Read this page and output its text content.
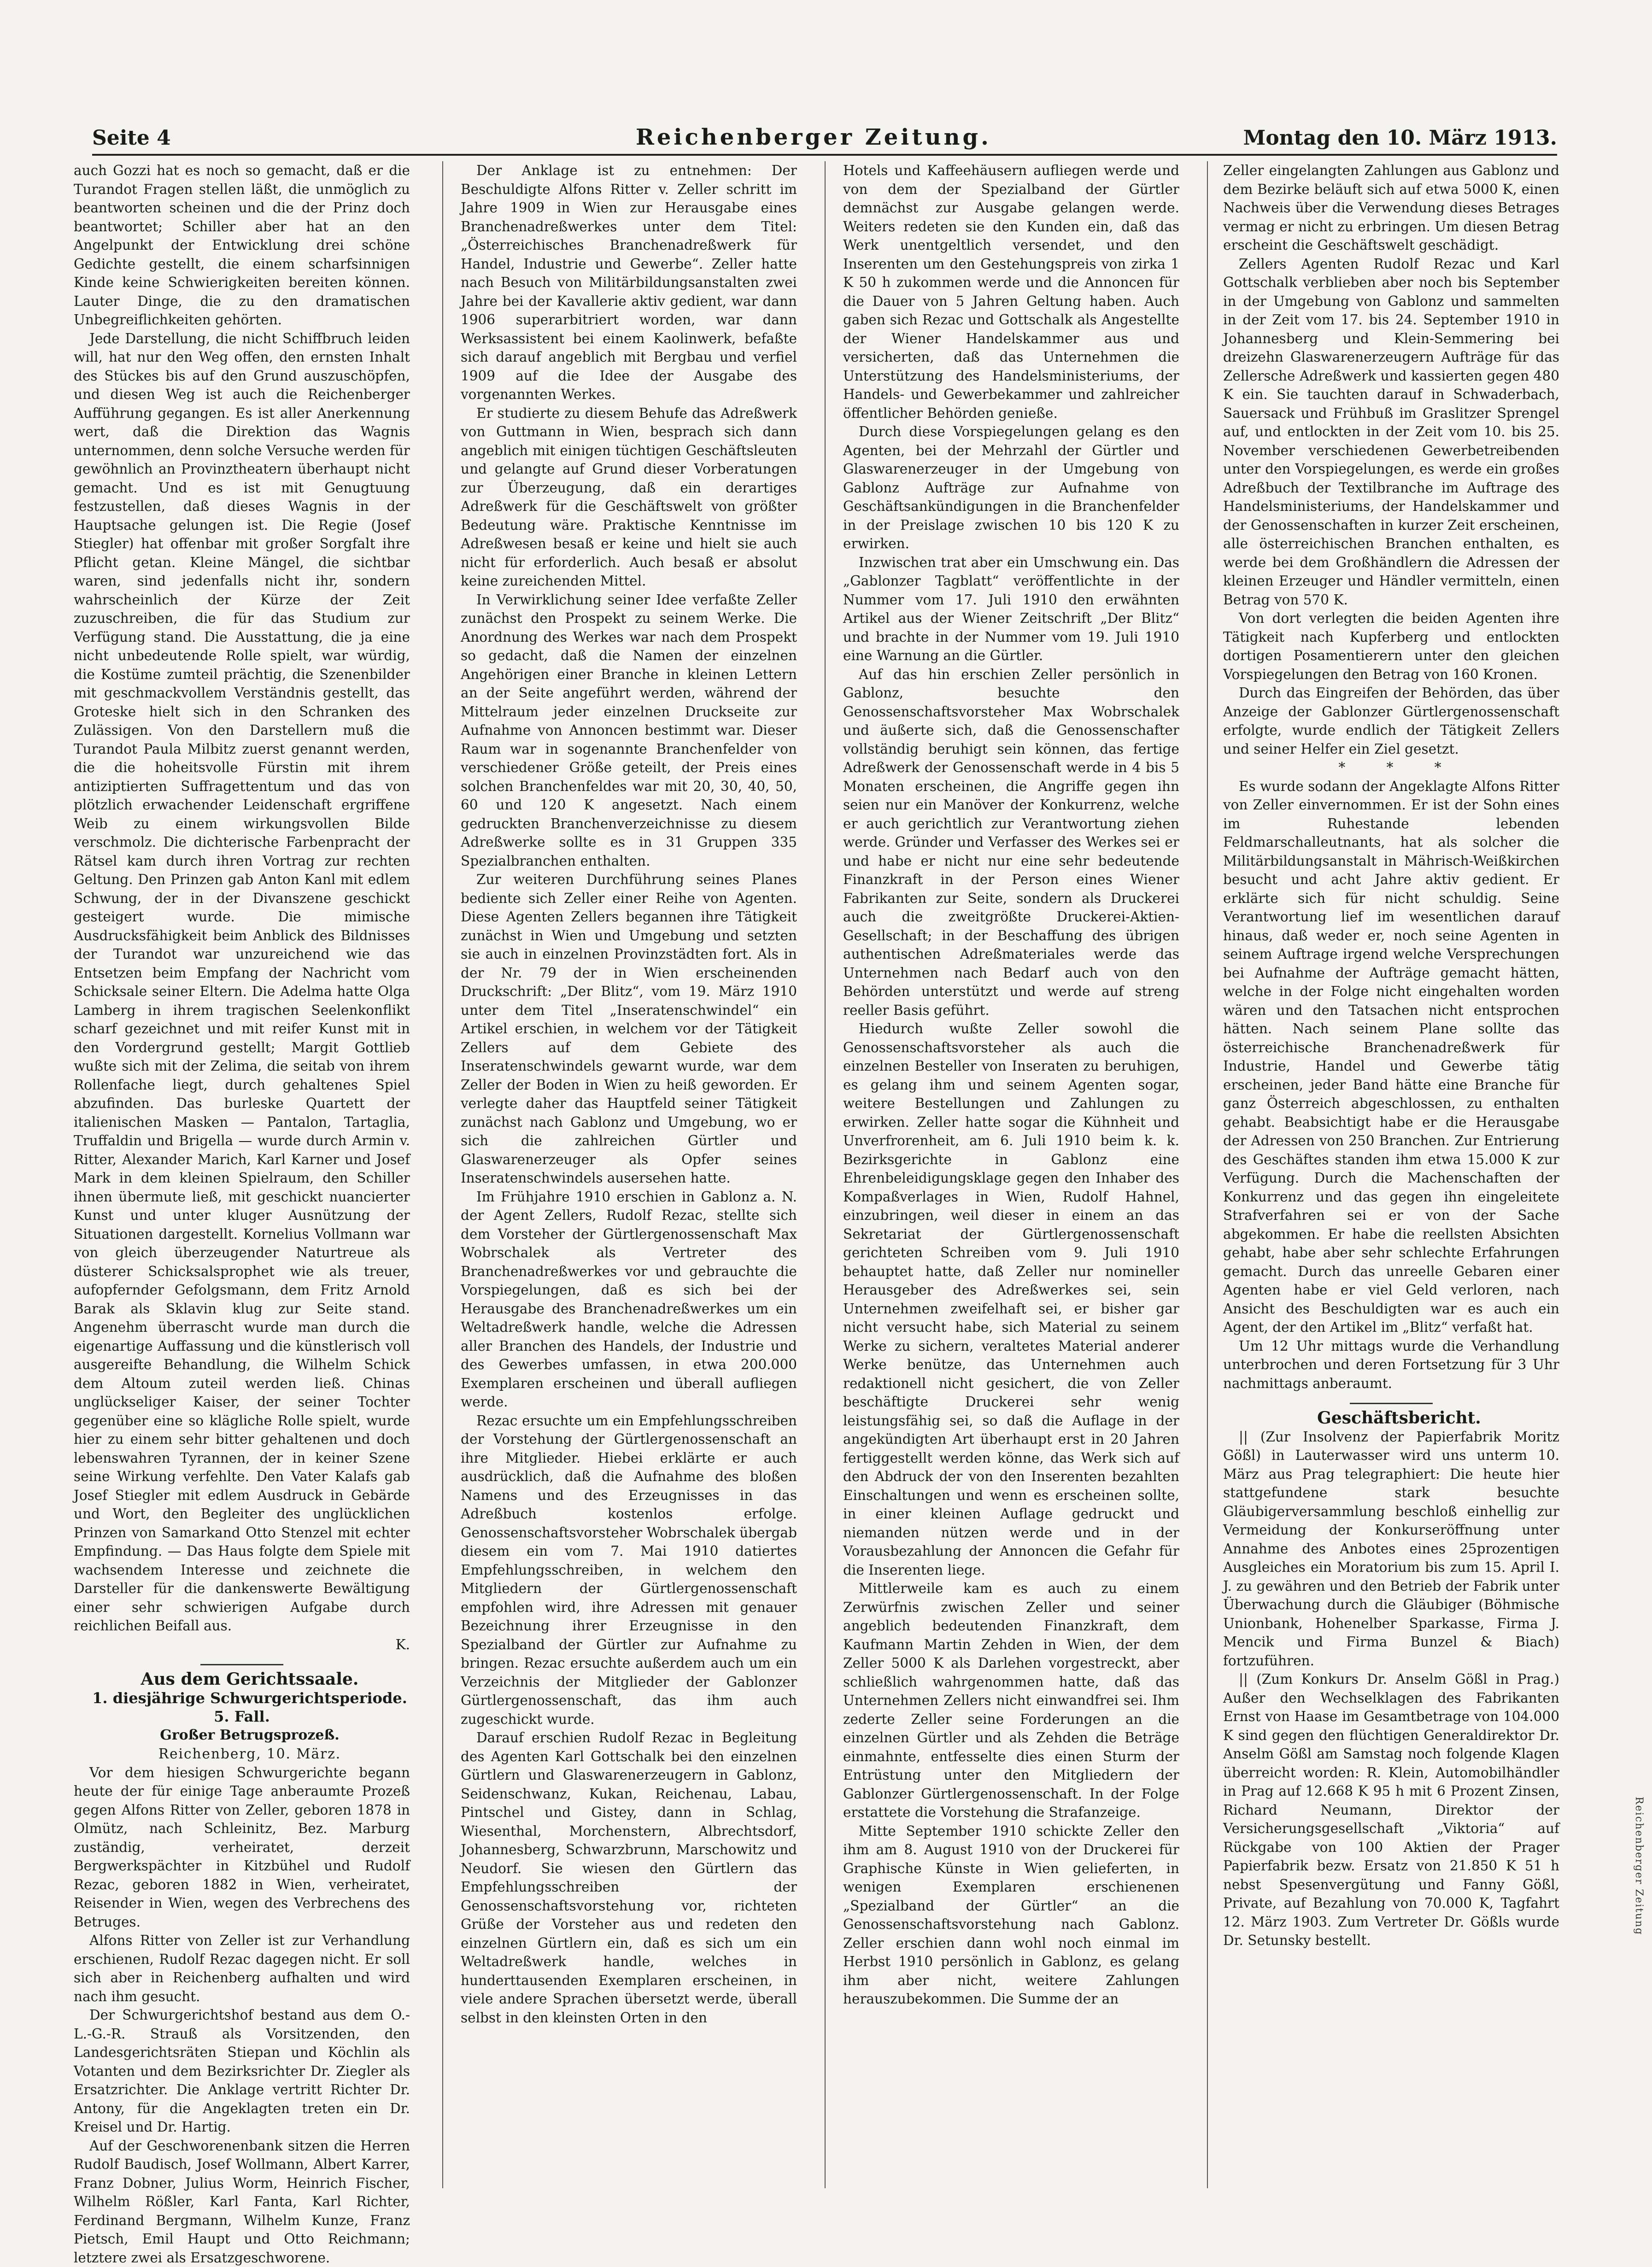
Seite 4	Reichenberger Zeitung.	Montag den 10. März 1913.

auch Gozzi hat es noch so gemacht, daß er die Turandot Fragen stellen läßt, die unmöglich zu beantworten scheinen und die der Prinz doch beantwortet; Schiller aber hat an den Angelpunkt der Entwicklung drei schöne Gedichte gestellt, die einem scharfsinnigen Kinde keine Schwierigkeiten bereiten können. Lauter Dinge, die zu den dramatischen Unbegreiflichkeiten gehörten.

Jede Darstellung, die nicht Schiffbruch leiden will, hat nur den Weg offen, den ernsten Inhalt des Stückes bis auf den Grund auszuschöpfen, und diesen Weg ist auch die Reichenberger Aufführung gegangen. Es ist aller Anerkennung wert, daß die Direktion das Wagnis unternommen, denn solche Versuche werden für gewöhnlich an Provinztheatern überhaupt nicht gemacht. Und es ist mit Genugtuung festzustellen, daß dieses Wagnis in der Hauptsache gelungen ist. Die Regie (Josef Stiegler) hat offenbar mit großer Sorgfalt ihre Pflicht getan. Kleine Mängel, die sichtbar waren, sind jedenfalls nicht ihr, sondern wahrscheinlich der Kürze der Zeit zuzuschreiben, die für das Studium zur Verfügung stand. Die Ausstattung, die ja eine nicht unbedeutende Rolle spielt, war würdig, die Kostüme zumteil prächtig, die Szenenbilder mit geschmackvollem Verständnis gestellt, das Groteske hielt sich in den Schranken des Zulässigen. Von den Darstellern muß die Turandot Paula Milbitz zuerst genannt werden, die die hoheitsvolle Fürstin mit ihrem antiziptierten Suffragettentum und das von plötzlich erwachender Leidenschaft ergriffene Weib zu einem wirkungsvollen Bilde verschmolz. Die dichterische Farbenpracht der Rätsel kam durch ihren Vortrag zur rechten Geltung. Den Prinzen gab Anton Kanl mit edlem Schwung, der in der Divanszene geschickt gesteigert wurde. Die mimische Ausdrucksfähigkeit beim Anblick des Bildnisses der Turandot war unzureichend wie das Entsetzen beim Empfang der Nachricht vom Schicksale seiner Eltern. Die Adelma hatte Olga Lamberg in ihrem tragischen Seelenkonflikt scharf gezeichnet und mit reifer Kunst mit in den Vordergrund gestellt; Margit Gottlieb wußte sich mit der Zelima, die seitab von ihrem Rollenfache liegt, durch gehaltenes Spiel abzufinden. Das burleske Quartett der italienischen Masken — Pantalon, Tartaglia, Truffaldin und Brigella — wurde durch Armin v. Ritter, Alexander Marich, Karl Karner und Josef Mark in dem kleinen Spielraum, den Schiller ihnen übermute ließ, mit geschickt nuancierter Kunst und unter kluger Ausnützung der Situationen dargestellt. Kornelius Vollmann war von gleich überzeugender Naturtreue als düsterer Schicksalsprophet wie als treuer, aufopfernder Gefolgsmann, dem Fritz Arnold Barak als Sklavin klug zur Seite stand. Angenehm überrascht wurde man durch die eigenartige Auffassung und die künstlerisch voll ausgereifte Behandlung, die Wilhelm Schick dem Altoum zuteil werden ließ. Chinas unglückseliger Kaiser, der seiner Tochter gegenüber eine so klägliche Rolle spielt, wurde hier zu einem sehr bitter gehaltenen und doch lebenswahren Tyrannen, der in keiner Szene seine Wirkung verfehlte. Den Vater Kalafs gab Josef Stiegler mit edlem Ausdruck in Gebärde und Wort, den Begleiter des unglücklichen Prinzen von Samarkand Otto Stenzel mit echter Empfindung. — Das Haus folgte dem Spiele mit wachsendem Interesse und zeichnete die Darsteller für die dankenswerte Bewältigung einer sehr schwierigen Aufgabe durch reichlichen Beifall aus.

K.

Aus dem Gerichtssaale.

1. diesjährige Schwurgerichtsperiode. 5. Fall.

Großer Betrugsprozeß.

Reichenberg, 10. März.

Vor dem hiesigen Schwurgerichte begann heute der für einige Tage anberaumte Prozeß gegen Alfons Ritter von Zeller, geboren 1878 in Olmütz, nach Schleinitz, Bez. Marburg zuständig, verheiratet, derzeit Bergwerkspächter in Kitzbühel und Rudolf Rezac, geboren 1882 in Wien, verheiratet, Reisender in Wien, wegen des Verbrechens des Betruges.

Alfons Ritter von Zeller ist zur Verhandlung erschienen, Rudolf Rezac dagegen nicht. Er soll sich aber in Reichenberg aufhalten und wird nach ihm gesucht.

Der Schwurgerichtshof bestand aus dem O.-L.-G.-R. Strauß als Vorsitzenden, den Landesgerichtsräten Stiepan und Köchlin als Votanten und dem Bezirksrichter Dr. Ziegler als Ersatzrichter. Die Anklage vertritt Richter Dr. Antony, für die Angeklagten treten ein Dr. Kreisel und Dr. Hartig.

Auf der Geschworenenbank sitzen die Herren Rudolf Baudisch, Josef Wollmann, Albert Karrer, Franz Dobner, Julius Worm, Heinrich Fischer, Wilhelm Rößler, Karl Fanta, Karl Richter, Ferdinand Bergmann, Wilhelm Kunze, Franz Pietsch, Emil Haupt und Otto Reichmann; letztere zwei als Ersatzgeschworene.

Der Anklage ist zu entnehmen: Der Beschuldigte Alfons Ritter v. Zeller schritt im Jahre 1909 in Wien zur Herausgabe eines Branchenadreßwerkes unter dem Titel: „Österreichisches Branchenadreßwerk für Handel, Industrie und Gewerbe“. Zeller hatte nach Besuch von Militärbildungsanstalten zwei Jahre bei der Kavallerie aktiv gedient, war dann 1906 superarbitriert worden, war dann Werksassistent bei einem Kaolinwerk, befaßte sich darauf angeblich mit Bergbau und verfiel 1909 auf die Idee der Ausgabe des vorgenannten Werkes.

Er studierte zu diesem Behufe das Adreßwerk von Guttmann in Wien, besprach sich dann angeblich mit einigen tüchtigen Geschäftsleuten und gelangte auf Grund dieser Vorberatungen zur Überzeugung, daß ein derartiges Adreßwerk für die Geschäftswelt von größter Bedeutung wäre. Praktische Kenntnisse im Adreßwesen besaß er keine und hielt sie auch nicht für erforderlich. Auch besaß er absolut keine zureichenden Mittel.

In Verwirklichung seiner Idee verfaßte Zeller zunächst den Prospekt zu seinem Werke. Die Anordnung des Werkes war nach dem Prospekt so gedacht, daß die Namen der einzelnen Angehörigen einer Branche in kleinen Lettern an der Seite angeführt werden, während der Mittelraum jeder einzelnen Druckseite zur Aufnahme von Annoncen bestimmt war. Dieser Raum war in sogenannte Branchenfelder von verschiedener Größe geteilt, der Preis eines solchen Branchenfeldes war mit 20, 30, 40, 50, 60 und 120 K angesetzt. Nach einem gedruckten Branchenverzeichnisse zu diesem Adreßwerke sollte es in 31 Gruppen 335 Spezialbranchen enthalten.

Zur weiteren Durchführung seines Planes bediente sich Zeller einer Reihe von Agenten. Diese Agenten Zellers begannen ihre Tätigkeit zunächst in Wien und Umgebung und setzten sie auch in einzelnen Provinzstädten fort. Als in der Nr. 79 der in Wien erscheinenden Druckschrift: „Der Blitz“, vom 19. März 1910 unter dem Titel „Inseratenschwindel“ ein Artikel erschien, in welchem vor der Tätigkeit Zellers auf dem Gebiete des Inseratenschwindels gewarnt wurde, war dem Zeller der Boden in Wien zu heiß geworden. Er verlegte daher das Hauptfeld seiner Tätigkeit zunächst nach Gablonz und Umgebung, wo er sich die zahlreichen Gürtler und Glaswarenerzeuger als Opfer seines Inseratenschwindels ausersehen hatte.

Im Frühjahre 1910 erschien in Gablonz a. N. der Agent Zellers, Rudolf Rezac, stellte sich dem Vorsteher der Gürtlergenossenschaft Max Wobrschalek als Vertreter des Branchenadreßwerkes vor und gebrauchte die Vorspiegelungen, daß es sich bei der Herausgabe des Branchenadreßwerkes um ein Weltadreßwerk handle, welche die Adressen aller Branchen des Handels, der Industrie und des Gewerbes umfassen, in etwa 200.000 Exemplaren erscheinen und überall aufliegen werde.

Rezac ersuchte um ein Empfehlungsschreiben der Vorstehung der Gürtlergenossenschaft an ihre Mitglieder. Hiebei erklärte er auch ausdrücklich, daß die Aufnahme des bloßen Namens und des Erzeugnisses in das Adreßbuch kostenlos erfolge. Genossenschaftsvorsteher Wobrschalek übergab diesem ein vom 7. Mai 1910 datiertes Empfehlungsschreiben, in welchem den Mitgliedern der Gürtlergenossenschaft empfohlen wird, ihre Adressen mit genauer Bezeichnung ihrer Erzeugnisse in den Spezialband der Gürtler zur Aufnahme zu bringen. Rezac ersuchte außerdem auch um ein Verzeichnis der Mitglieder der Gablonzer Gürtlergenossenschaft, das ihm auch zugeschickt wurde.

Darauf erschien Rudolf Rezac in Begleitung des Agenten Karl Gottschalk bei den einzelnen Gürtlern und Glaswarenerzeugern in Gablonz, Seidenschwanz, Kukan, Reichenau, Labau, Pintschel und Gistey, dann in Schlag, Wiesenthal, Morchenstern, Albrechtsdorf, Johannesberg, Schwarzbrunn, Marschowitz und Neudorf. Sie wiesen den Gürtlern das Empfehlungsschreiben der Genossenschaftsvorstehung vor, richteten Grüße der Vorsteher aus und redeten den einzelnen Gürtlern ein, daß es sich um ein Weltadreßwerk handle, welches in hunderttausenden Exemplaren erscheinen, in viele andere Sprachen übersetzt werde, überall selbst in den kleinsten Orten in den

Hotels und Kaffeehäusern aufliegen werde und von dem der Spezialband der Gürtler demnächst zur Ausgabe gelangen werde. Weiters redeten sie den Kunden ein, daß das Werk unentgeltlich versendet, und den Inserenten um den Gestehungspreis von zirka 1 K 50 h zukommen werde und die Annoncen für die Dauer von 5 Jahren Geltung haben. Auch gaben sich Rezac und Gottschalk als Angestellte der Wiener Handelskammer aus und versicherten, daß das Unternehmen die Unterstützung des Handelsministeriums, der Handels- und Gewerbekammer und zahlreicher öffentlicher Behörden genieße.

Durch diese Vorspiegelungen gelang es den Agenten, bei der Mehrzahl der Gürtler und Glaswarenerzeuger in der Umgebung von Gablonz Aufträge zur Aufnahme von Geschäftsankündigungen in die Branchenfelder in der Preislage zwischen 10 bis 120 K zu erwirken.

Inzwischen trat aber ein Umschwung ein. Das „Gablonzer Tagblatt“ veröffentlichte in der Nummer vom 17. Juli 1910 den erwähnten Artikel aus der Wiener Zeitschrift „Der Blitz“ und brachte in der Nummer vom 19. Juli 1910 eine Warnung an die Gürtler.

Auf das hin erschien Zeller persönlich in Gablonz, besuchte den Genossenschaftsvorsteher Max Wobrschalek und äußerte sich, daß die Genossenschafter vollständig beruhigt sein können, das fertige Adreßwerk der Genossenschaft werde in 4 bis 5 Monaten erscheinen, die Angriffe gegen ihn seien nur ein Manöver der Konkurrenz, welche er auch gerichtlich zur Verantwortung ziehen werde. Gründer und Verfasser des Werkes sei er und habe er nicht nur eine sehr bedeutende Finanzkraft in der Person eines Wiener Fabrikanten zur Seite, sondern als Druckerei auch die zweitgrößte Druckerei-Aktien-Gesellschaft; in der Beschaffung des übrigen authentischen Adreßmateriales werde das Unternehmen nach Bedarf auch von den Behörden unterstützt und werde auf streng reeller Basis geführt.

Hiedurch wußte Zeller sowohl die Genossenschaftsvorsteher als auch die einzelnen Besteller von Inseraten zu beruhigen, es gelang ihm und seinem Agenten sogar, weitere Bestellungen und Zahlungen zu erwirken. Zeller hatte sogar die Kühnheit und Unverfrorenheit, am 6. Juli 1910 beim k. k. Bezirksgerichte in Gablonz eine Ehrenbeleidigungsklage gegen den Inhaber des Kompaßverlages in Wien, Rudolf Hahnel, einzubringen, weil dieser in einem an das Sekretariat der Gürtlergenossenschaft gerichteten Schreiben vom 9. Juli 1910 behauptet hatte, daß Zeller nur nomineller Herausgeber des Adreßwerkes sei, sein Unternehmen zweifelhaft sei, er bisher gar nicht versucht habe, sich Material zu seinem Werke zu sichern, veraltetes Material anderer Werke benütze, das Unternehmen auch redaktionell nicht gesichert, die von Zeller beschäftigte Druckerei sehr wenig leistungsfähig sei, so daß die Auflage in der angekündigten Art überhaupt erst in 20 Jahren fertiggestellt werden könne, das Werk sich auf den Abdruck der von den Inserenten bezahlten Einschaltungen und wenn es erscheinen sollte, in einer kleinen Auflage gedruckt und niemanden nützen werde und in der Vorausbezahlung der Annoncen die Gefahr für die Inserenten liege.

Mittlerweile kam es auch zu einem Zerwürfnis zwischen Zeller und seiner angeblich bedeutenden Finanzkraft, dem Kaufmann Martin Zehden in Wien, der dem Zeller 5000 K als Darlehen vorgestreckt, aber schließlich wahrgenommen hatte, daß das Unternehmen Zellers nicht einwandfrei sei. Ihm zederte Zeller seine Forderungen an die einzelnen Gürtler und als Zehden die Beträge einmahnte, entfesselte dies einen Sturm der Entrüstung unter den Mitgliedern der Gablonzer Gürtlergenossenschaft. In der Folge erstattete die Vorstehung die Strafanzeige.

Mitte September 1910 schickte Zeller den ihm am 8. August 1910 von der Druckerei für Graphische Künste in Wien gelieferten, in wenigen Exemplaren erschienenen „Spezialband der Gürtler“ an die Genossenschaftsvorstehung nach Gablonz. Zeller erschien dann wohl noch einmal im Herbst 1910 persönlich in Gablonz, es gelang ihm aber nicht, weitere Zahlungen herauszubekommen. Die Summe der an

Zeller eingelangten Zahlungen aus Gablonz und dem Bezirke beläuft sich auf etwa 5000 K, einen Nachweis über die Verwendung dieses Betrages vermag er nicht zu erbringen. Um diesen Betrag erscheint die Geschäftswelt geschädigt.

Zellers Agenten Rudolf Rezac und Karl Gottschalk verblieben aber noch bis September in der Umgebung von Gablonz und sammelten in der Zeit vom 17. bis 24. September 1910 in Johannesberg und Klein-Semmering bei dreizehn Glaswarenerzeugern Aufträge für das Zellersche Adreßwerk und kassierten gegen 480 K ein. Sie tauchten darauf in Schwaderbach, Sauersack und Frühbuß im Graslitzer Sprengel auf, und entlockten in der Zeit vom 10. bis 25. November verschiedenen Gewerbetreibenden unter den Vorspiegelungen, es werde ein großes Adreßbuch der Textilbranche im Auftrage des Handelsministeriums, der Handelskammer und der Genossenschaften in kurzer Zeit erscheinen, alle österreichischen Branchen enthalten, es werde bei dem Großhändlern die Adressen der kleinen Erzeuger und Händler vermitteln, einen Betrag von 570 K.

Von dort verlegten die beiden Agenten ihre Tätigkeit nach Kupferberg und entlockten dortigen Posamentierern unter den gleichen Vorspiegelungen den Betrag von 160 Kronen.

Durch das Eingreifen der Behörden, das über Anzeige der Gablonzer Gürtlergenossenschaft erfolgte, wurde endlich der Tätigkeit Zellers und seiner Helfer ein Ziel gesetzt.

* * *

Es wurde sodann der Angeklagte Alfons Ritter von Zeller einvernommen. Er ist der Sohn eines im Ruhestande lebenden Feldmarschalleutnants, hat als solcher die Militärbildungsanstalt in Mährisch-Weißkirchen besucht und acht Jahre aktiv gedient. Er erklärte sich für nicht schuldig. Seine Verantwortung lief im wesentlichen darauf hinaus, daß weder er, noch seine Agenten in seinem Auftrage irgend welche Versprechungen bei Aufnahme der Aufträge gemacht hätten, welche in der Folge nicht eingehalten worden wären und den Tatsachen nicht entsprochen hätten. Nach seinem Plane sollte das österreichische Branchenadreßwerk für Industrie, Handel und Gewerbe tätig erscheinen, jeder Band hätte eine Branche für ganz Österreich abgeschlossen, zu enthalten gehabt. Beabsichtigt habe er die Herausgabe der Adressen von 250 Branchen. Zur Entrierung des Geschäftes standen ihm etwa 15.000 K zur Verfügung. Durch die Machenschaften der Konkurrenz und das gegen ihn eingeleitete Strafverfahren sei er von der Sache abgekommen. Er habe die reellsten Absichten gehabt, habe aber sehr schlechte Erfahrungen gemacht. Durch das unreelle Gebaren einer Agenten habe er viel Geld verloren, nach Ansicht des Beschuldigten war es auch ein Agent, der den Artikel im „Blitz“ verfaßt hat.

Um 12 Uhr mittags wurde die Verhandlung unterbrochen und deren Fortsetzung für 3 Uhr nachmittags anberaumt.

Geschäftsbericht.

|| (Zur Insolvenz der Papierfabrik Moritz Gößl) in Lauterwasser wird uns unterm 10. März aus Prag telegraphiert: Die heute hier stattgefundene stark besuchte Gläubigerversammlung beschloß einhellig zur Vermeidung der Konkurseröffnung unter Annahme des Anbotes eines 25prozentigen Ausgleiches ein Moratorium bis zum 15. April I. J. zu gewähren und den Betrieb der Fabrik unter Überwachung durch die Gläubiger (Böhmische Unionbank, Hohenelber Sparkasse, Firma J. Mencik und Firma Bunzel & Biach) fortzuführen.

|| (Zum Konkurs Dr. Anselm Gößl in Prag.) Außer den Wechselklagen des Fabrikanten Ernst von Haase im Gesamtbetrage von 104.000 K sind gegen den flüchtigen Generaldirektor Dr. Anselm Gößl am Samstag noch folgende Klagen überreicht worden: R. Klein, Automobilhändler in Prag auf 12.668 K 95 h mit 6 Prozent Zinsen, Richard Neumann, Direktor der Versicherungsgesellschaft „Viktoria“ auf Rückgabe von 100 Aktien der Prager Papierfabrik bezw. Ersatz von 21.850 K 51 h nebst Spesenvergütung und Fanny Gößl, Private, auf Bezahlung von 70.000 K, Tagfahrt 12. März 1903. Zum Vertreter Dr. Gößls wurde Dr. Setunsky bestellt.

Reichenberger Zeitung
